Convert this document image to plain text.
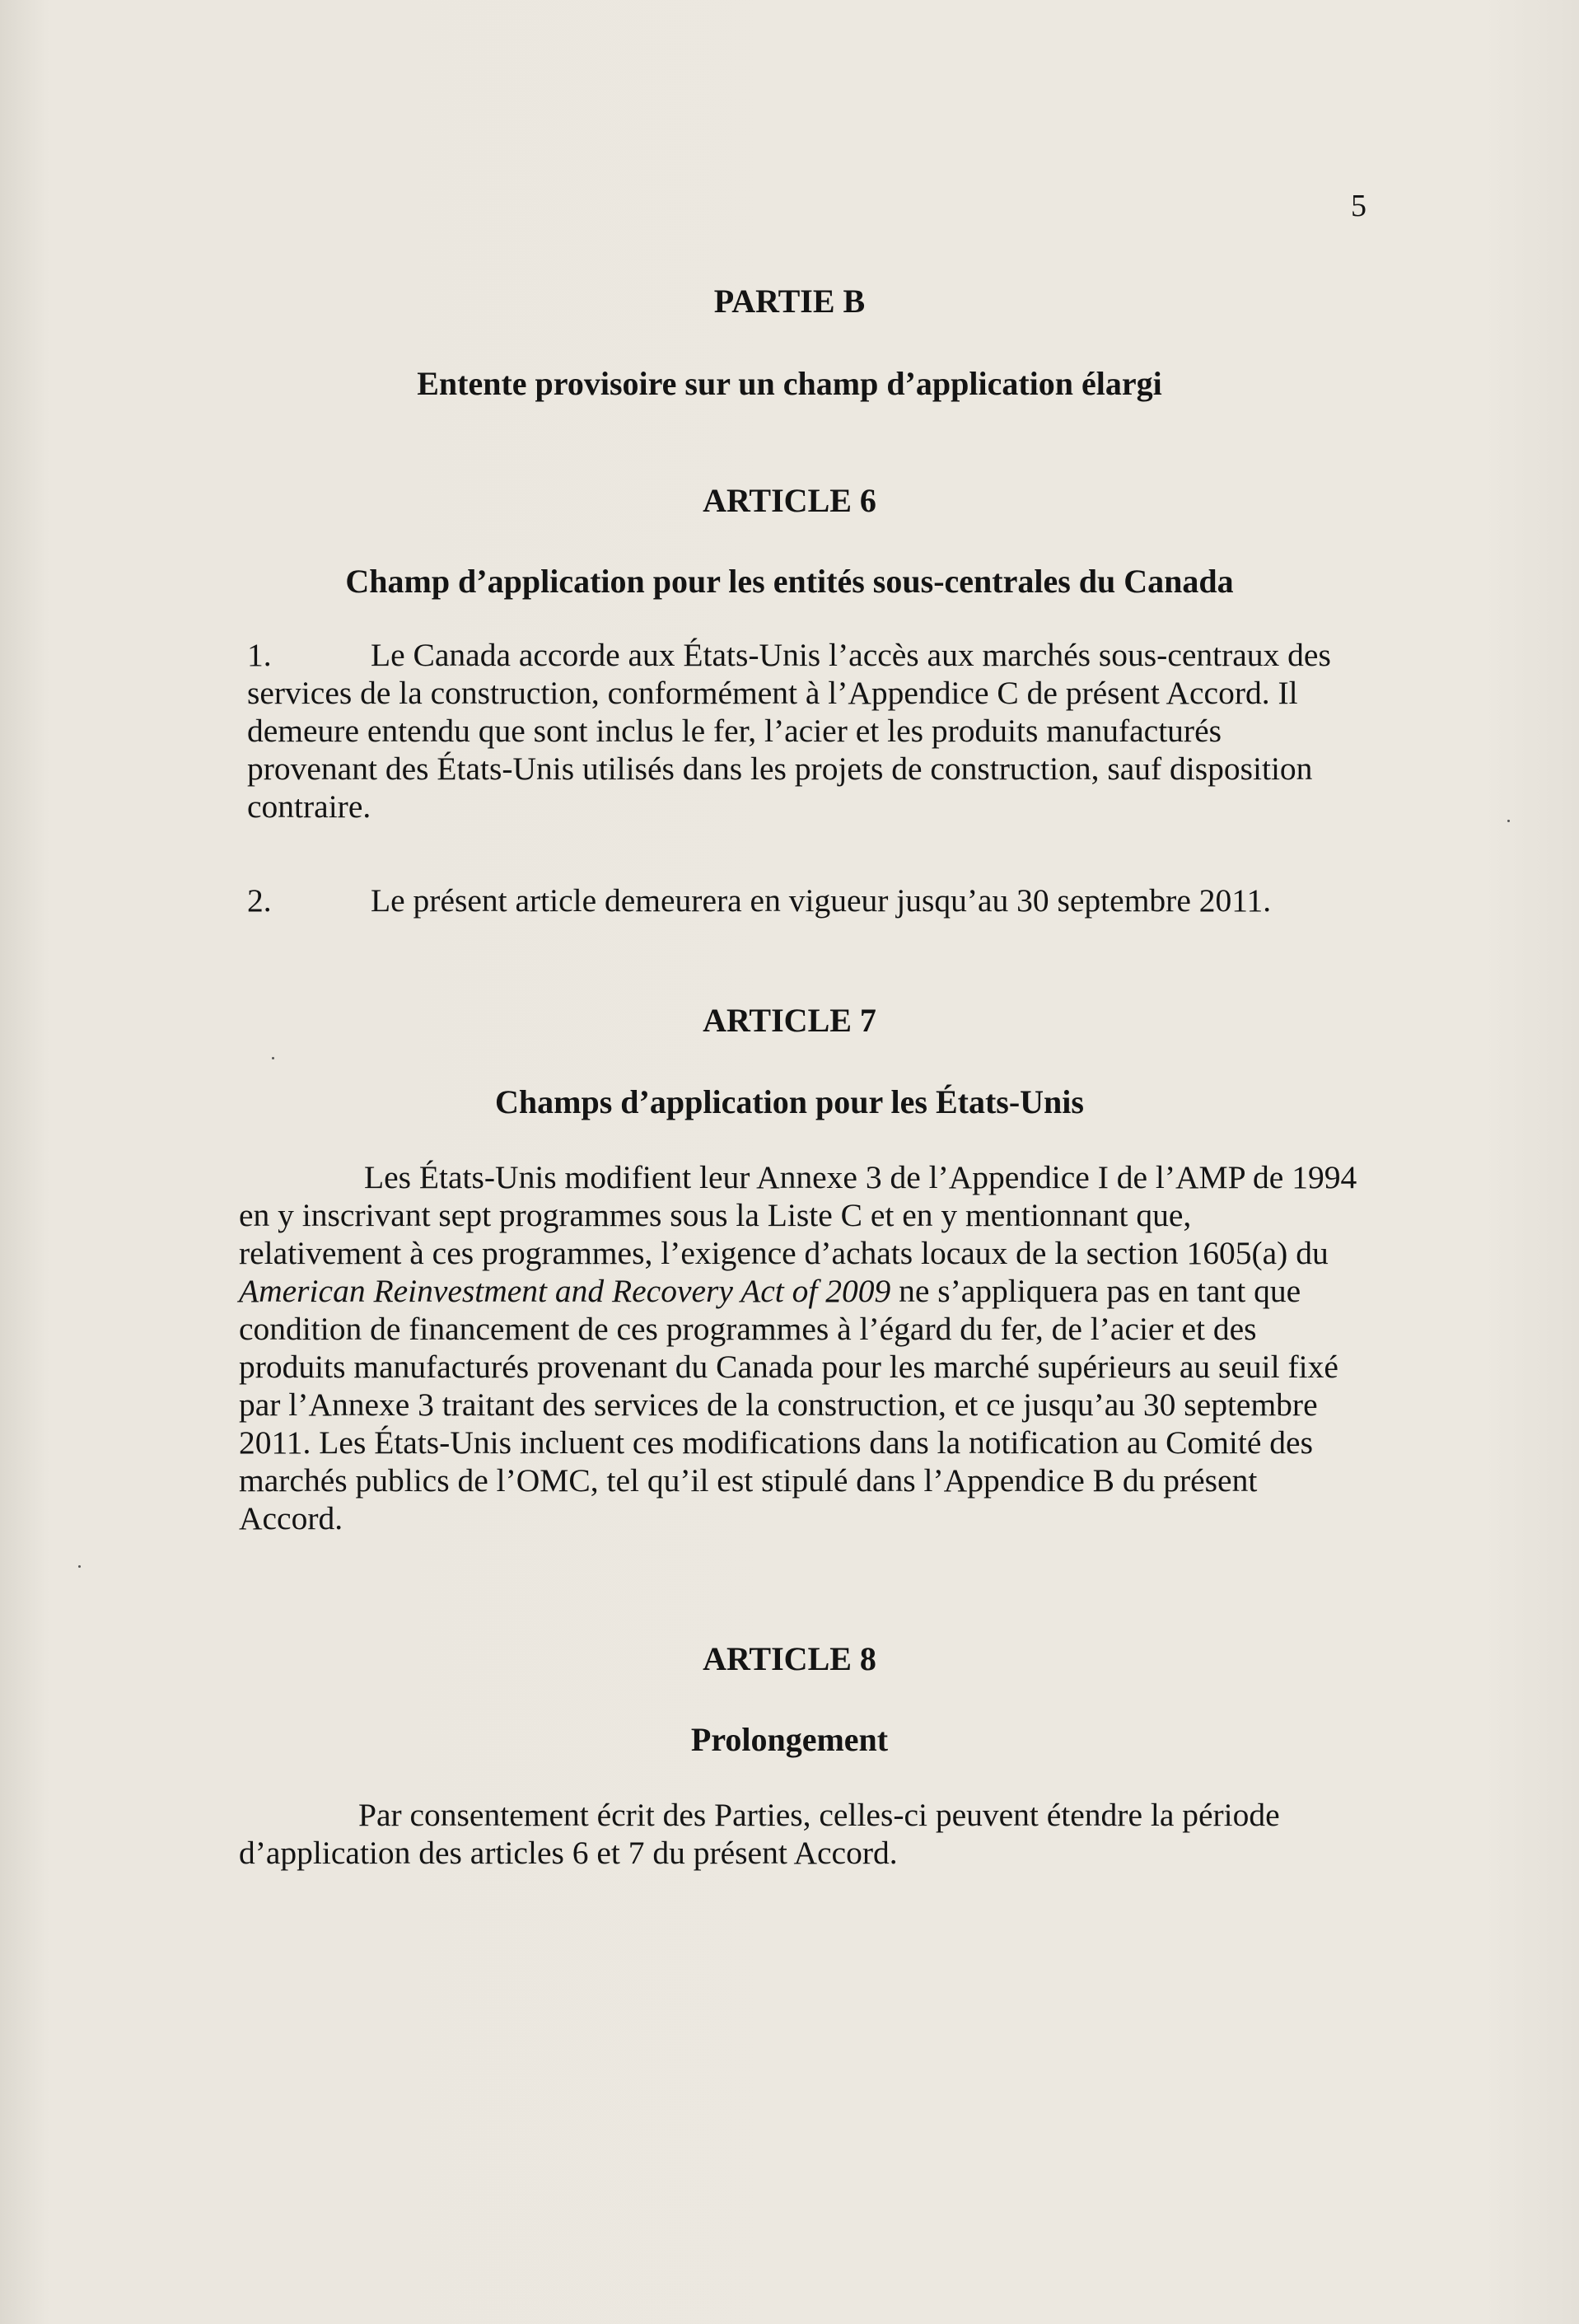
5
PARTIE B
Entente provisoire sur un champ d’application élargi
ARTICLE 6
Champ d’application pour les entités sous-centrales du Canada
1.	Le Canada accorde aux États-Unis l’accès aux marchés sous-centraux des services de la construction, conformément à l’Appendice C de présent Accord. Il demeure entendu que sont inclus le fer, l’acier et les produits manufacturés provenant des États-Unis utilisés dans les projets de construction, sauf disposition contraire.
2.	Le présent article demeurera en vigueur jusqu’au 30 septembre 2011.
ARTICLE 7
Champs d’application pour les États-Unis
Les États-Unis modifient leur Annexe 3 de l’Appendice I de l’AMP de 1994 en y inscrivant sept programmes sous la Liste C et en y mentionnant que, relativement à ces programmes, l’exigence d’achats locaux de la section 1605(a) du American Reinvestment and Recovery Act of 2009 ne s’appliquera pas en tant que condition de financement de ces programmes à l’égard du fer, de l’acier et des produits manufacturés provenant du Canada pour les marché supérieurs au seuil fixé par l’Annexe 3 traitant des services de la construction, et ce jusqu’au 30 septembre 2011. Les États-Unis incluent ces modifications dans la notification au Comité des marchés publics de l’OMC, tel qu’il est stipulé dans l’Appendice B du présent Accord.
ARTICLE 8
Prolongement
Par consentement écrit des Parties, celles-ci peuvent étendre la période d’application des articles 6 et 7 du présent Accord.
